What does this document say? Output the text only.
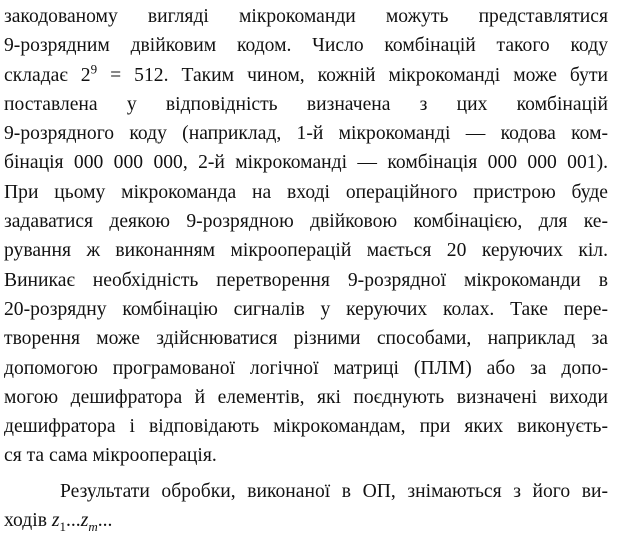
закодованому вигляді мікрокоманди можуть представлятися
9-розрядним двійковим кодом. Число комбінацій такого коду
складає $2^9 = 512$. Таким чином, кожній мікрокоманді може бути
поставлена у відповідність визначена з цих комбінацій
9-розрядного коду (наприклад, 1-й мікрокоманді — кодова ком-
бінація 000 000 000, 2-й мікрокоманді — комбінація 000 000 001).
При цьому мікрокоманда на вході операційного пристрою буде
задаватися деякою 9-розрядною двійковою комбінацією, для ке-
рування ж виконанням мікрооперацій мається 20 керуючих кіл.
Виникає необхідність перетворення 9-розрядної мікрокоманди в
20-розрядну комбінацію сигналів у керуючих колах. Таке пере-
творення може здійснюватися різними способами, наприклад за
допомогою програмованої логічної матриці (ПЛМ) або за допо-
могою дешифратора й елементів, які поєднують визначені виходи
дешифратора і відповідають мікрокомандам, при яких виконуєть-
ся та сама мікрооперація.
Результати обробки, виконаної в ОП, знімаються з його ви-
ходів $z_1...z_m$...
